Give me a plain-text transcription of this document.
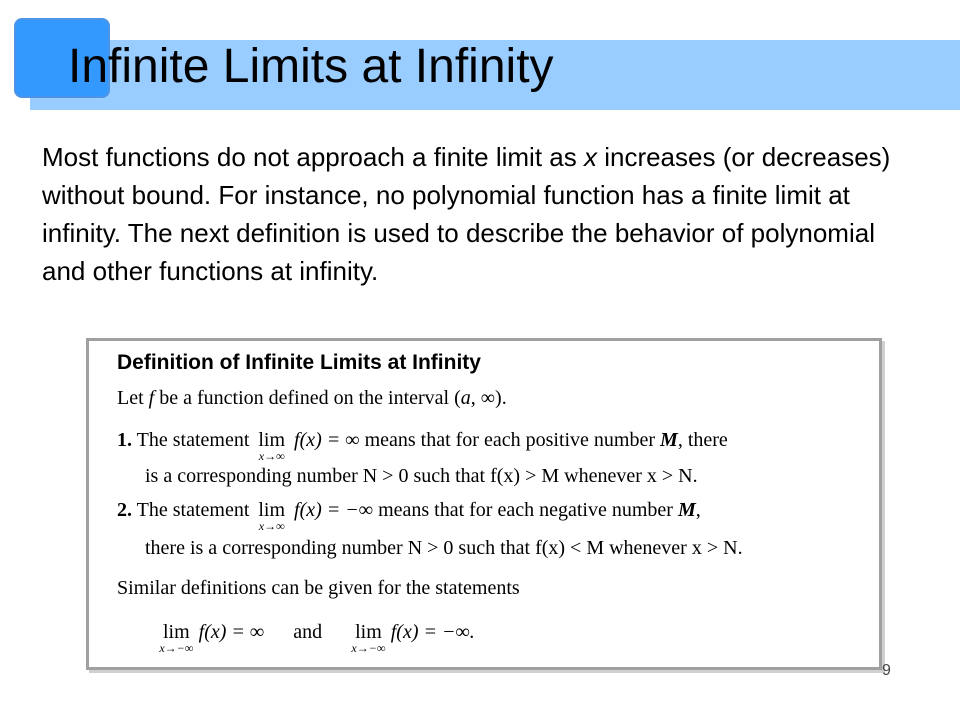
Infinite Limits at Infinity
Most functions do not approach a finite limit as x increases (or decreases) without bound. For instance, no polynomial function has a finite limit at infinity. The next definition is used to describe the behavior of polynomial and other functions at infinity.
Definition of Infinite Limits at Infinity
Let f be a function defined on the interval (a, ∞).
1. The statement lim
x→∞
f(x) = ∞ means that for each positive number M, there
is a corresponding number N > 0 such that f(x) > M whenever x > N.
2. The statement lim
x→∞
f(x) = −∞ means that for each negative number M,
there is a corresponding number N > 0 such that f(x) < M whenever x > N.
Similar definitions can be given for the statements
lim
x→−∞
f(x) = ∞ and lim
x→−∞
f(x) = −∞.
9
